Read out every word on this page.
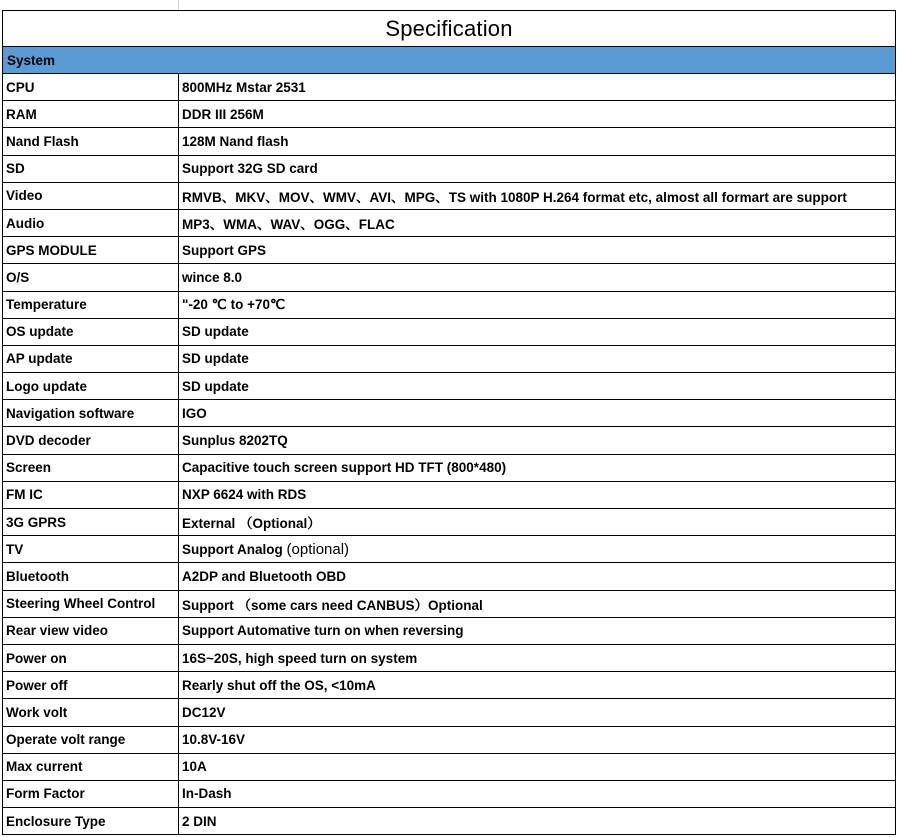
Specification
System
CPU	800MHz Mstar 2531
RAM	DDR III 256M
Nand Flash	128M Nand flash
SD	Support 32G SD card
Video	RMVB、MKV、MOV、WMV、AVI、MPG、TS with 1080P H.264 format etc, almost all formart are support
Audio	MP3、WMA、WAV、OGG、FLAC
GPS MODULE	Support GPS
O/S	wince 8.0
Temperature	"-20 ℃ to +70℃
OS update	SD update
AP update	SD update
Logo update	SD update
Navigation software	IGO
DVD decoder	Sunplus 8202TQ
Screen	Capacitive touch screen support HD TFT (800*480)
FM IC	NXP 6624 with RDS
3G GPRS	External （Optional）
TV	Support Analog (optional)
Bluetooth	A2DP and Bluetooth OBD
Steering Wheel Control	Support （some cars need CANBUS）Optional
Rear view video	Support Automative turn on when reversing
Power on	16S~20S, high speed turn on system
Power off	Rearly shut off the OS, <10mA
Work volt	DC12V
Operate volt range	10.8V-16V
Max current	10A
Form Factor	In-Dash
Enclosure Type	2 DIN
